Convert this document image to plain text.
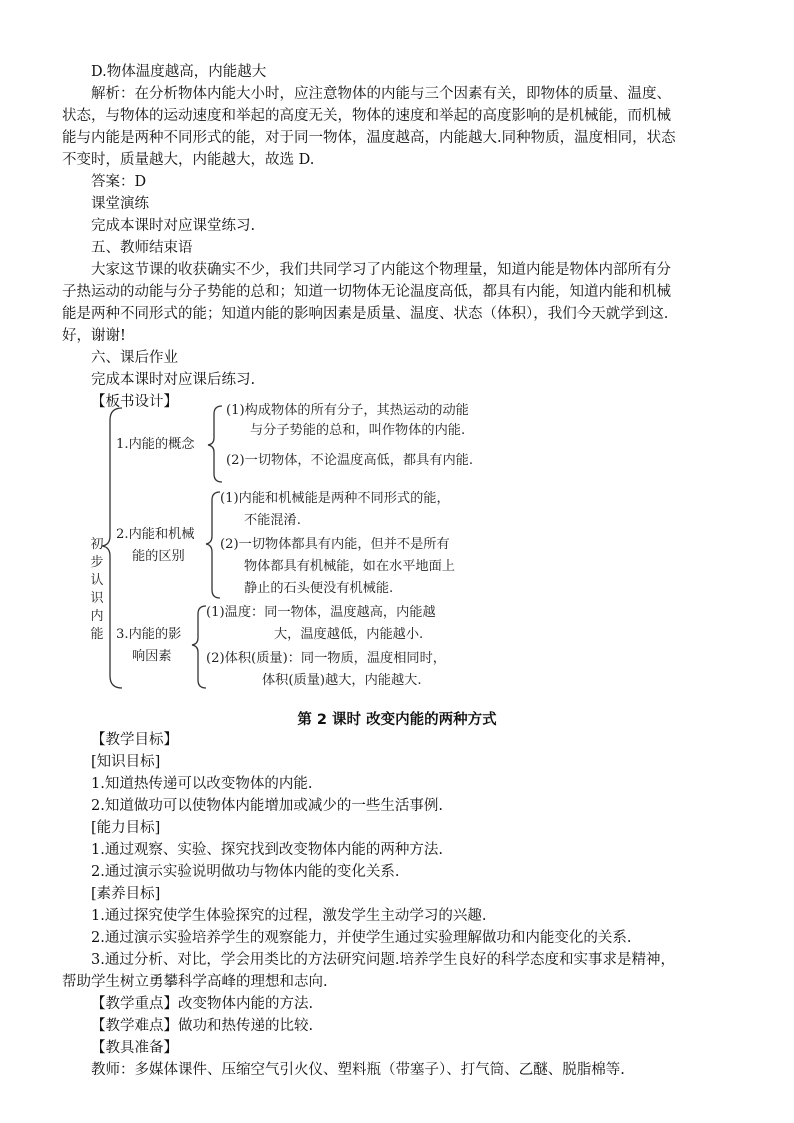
D.物体温度越高，内能越大
解析：在分析物体内能大小时，应注意物体的内能与三个因素有关，即物体的质量、温度、
状态，与物体的运动速度和举起的高度无关，物体的速度和举起的高度影响的是机械能，而机械
能与内能是两种不同形式的能，对于同一物体，温度越高，内能越大.同种物质，温度相同，状态
不变时，质量越大，内能越大，故选 D.
答案：D
课堂演练
完成本课时对应课堂练习.
五、教师结束语
大家这节课的收获确实不少，我们共同学习了内能这个物理量，知道内能是物体内部所有分
子热运动的动能与分子势能的总和；知道一切物体无论温度高低，都具有内能，知道内能和机械
能是两种不同形式的能；知道内能的影响因素是质量、温度、状态（体积），我们今天就学到这.
好，谢谢!
六、课后作业
完成本课时对应课后练习.
【板书设计】
初
步
认
识
内
能
1.内能的概念
(1)构成物体的所有分子，其热运动的动能
与分子势能的总和，叫作物体的内能.
(2)一切物体，不论温度高低，都具有内能.
2.内能和机械
能的区别
(1)内能和机械能是两种不同形式的能，
不能混淆.
(2)一切物体都具有内能，但并不是所有
物体都具有机械能，如在水平地面上
静止的石头便没有机械能.
3.内能的影
响因素
(1)温度：同一物体，温度越高，内能越
大，温度越低，内能越小.
(2)体积(质量)：同一物质，温度相同时，
体积(质量)越大，内能越大.
第 2 课时 改变内能的两种方式
【教学目标】
[知识目标]
1.知道热传递可以改变物体的内能.
2.知道做功可以使物体内能增加或减少的一些生活事例.
[能力目标]
1.通过观察、实验、探究找到改变物体内能的两种方法.
2.通过演示实验说明做功与物体内能的变化关系.
[素养目标]
1.通过探究使学生体验探究的过程，激发学生主动学习的兴趣.
2.通过演示实验培养学生的观察能力，并使学生通过实验理解做功和内能变化的关系.
3.通过分析、对比，学会用类比的方法研究问题.培养学生良好的科学态度和实事求是精神，
帮助学生树立勇攀科学高峰的理想和志向.
【教学重点】改变物体内能的方法.
【教学难点】做功和热传递的比较.
【教具准备】
教师：多媒体课件、压缩空气引火仪、塑料瓶（带塞子）、打气筒、乙醚、脱脂棉等.
